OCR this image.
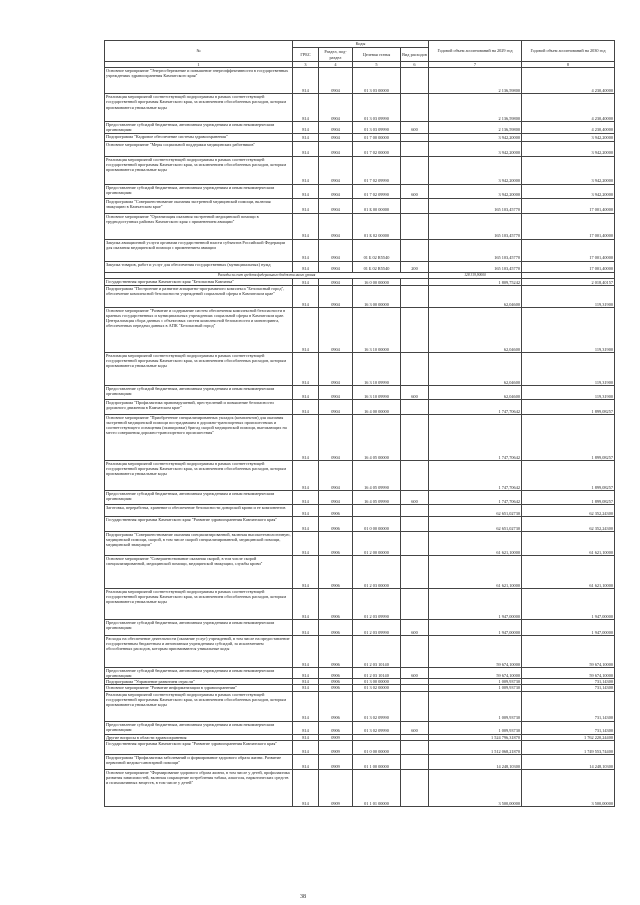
№	Коды				Годовой объем ассигнований на 2029 год	Годовой объем ассигнований на 2030 год
	ГРБС	Раздел, под-раздел	Целевая статья	Вид расходов		
1	3	4	5	6	7	8
Основное мероприятие "Энергосбережение и повышение энергоэффективности в государственных учреждениях здравоохранения Камчатского края"	814	0904	01 3 03 00000		2 136,59800	4 230,40000
Реализация мероприятий соответствующей подпрограммы в рамках соответствующей государственной программы Камчатского края, за исключением обособленных расходов, которым присваиваются уникальные коды	814	0904	01 3 03 09990		2 136,59800	4 230,40000
Предоставление субсидий бюджетным, автономным учреждениям и иным некоммерческим организациям	814	0904	01 3 03 09990	600	2 136,59800	4 230,40000
Подпрограмма "Кадровое обеспечение системы здравоохранения"	814	0904	01 7 00 00000		3 942,20000	3 942,20000
Основное мероприятие "Меры социальной поддержки медицинских работников"	814	0904	01 7 02 00000		3 942,20000	3 942,20000
Реализация мероприятий соответствующей подпрограммы в рамках соответствующей государственной программы Камчатского края, за исключением обособленных расходов, которым присваиваются уникальные коды	814	0904	01 7 02 09990		3 942,20000	3 942,20000
Предоставление субсидий бюджетным, автономным учреждениям и иным некоммерческим организациям	814	0904	01 7 02 09990	600	3 942,20000	3 942,20000
Подпрограмма "Совершенствование оказания экстренной медицинской помощи, включая эвакуацию в Камчатском крае"	814	0904	01 Б 00 00000		165 103,45770	17 001,40000
Основное мероприятие "Организация оказания экстренной медицинской помощи в труднодоступных районах Камчатского края с применением авиации"	814	0904	01 Б 02 00000		165 103,45770	17 001,40000
Закупка авиационной услуги органами государственной власти субъектов Российской Федерации для оказания медицинской помощи с применением авиации	814	0904	01 Б 02 R5540		165 103,45770	17 001,40000
Закупка товаров, работ и услуг для обеспечения государственных (муниципальных) нужд	814	0904	01 Б 02 R5540	200	165 103,45770	17 001,40000
Расходы за счет средств федерального бюджета иного уровня					128 319,90000	
Государственная программа Камчатского края "Безопасная Камчатка"	814	0904	16 0 00 00000		1 809,75242	2 018,40157
Подпрограмма "Построение и развитие аппаратно-программного комплекса "Безопасный город", обеспечение комплексной безопасности учреждений социальной сферы в Камчатском крае"	814	0904	16 3 00 00000		62,04600	119,31900
Основное мероприятие "Развитие и содержание систем обеспечения комплексной безопасности в краевых государственных и муниципальных учреждениях социальной сферы в Камчатском крае. Централизация сбора данных с объектовых систем комплексной безопасности и мониторинга, обеспеченных передачи данных в АПК "Безопасный город"	814	0904	16 3 10 00000		62,04600	119,31900
Реализация мероприятий соответствующей подпрограммы в рамках соответствующей государственной программы Камчатского края, за исключением обособленных расходов, которым присваиваются уникальные коды	814	0904	16 3 10 09990		62,04600	119,31900
Предоставление субсидий бюджетным, автономным учреждениям и иным некоммерческим организациям	814	0904	16 3 10 09990	600	62,04600	119,31900
Подпрограмма "Профилактика правонарушений, преступлений и повышение безопасности дорожного движения в Камчатском крае"	814	0904	16 4 00 00000		1 747,70642	1 899,08257
Основное мероприятие "Приобретение специализированных укладок (комплектов) для оказания экстренной медицинской помощи пострадавшим в дорожно-транспортных происшествиях и соответствующего оснащения (экипировки) бригад скорой медицинской помощи, выезжающих на место совершения дорожно-транспортного происшествия"	814	0904	16 4 05 00000		1 747,70642	1 899,08257
Реализация мероприятий соответствующей подпрограммы в рамках соответствующей государственной программы Камчатского края, за исключением обособленных расходов, которым присваиваются уникальные коды	814	0904	16 4 05 09990		1 747,70642	1 899,08257
Предоставление субсидий бюджетным, автономным учреждениям и иным некоммерческим организациям	814	0904	16 4 05 09990	600	1 747,70642	1 899,08257
Заготовка, переработка, хранение и обеспечение безопасности донорской крови и ее компонентов	814	0906			62 651,02730	62 352,24300
Государственная программа Камчатского края "Развитие здравоохранения Камчатского края"	814	0906	01 0 00 00000		62 651,02730	62 352,24300
Подпрограмма "Совершенствование оказания специализированной, включая высокотехнологичную, медицинской помощи, скорой, в том числе скорой специализированной, медицинской помощи, медицинской эвакуации"	814	0906	01 2 00 00000		61 621,10000	61 621,10000
Основное мероприятие "Совершенствование оказания скорой, в том числе скорой специализированной, медицинской помощи, медицинской эвакуации, службы крови"	814	0906	01 2 03 00000		61 621,10000	61 621,10000
Реализация мероприятий соответствующей подпрограммы в рамках соответствующей государственной программы Камчатского края, за исключением обособленных расходов, которым присваиваются уникальные коды	814	0906	01 2 03 09990		1 947,00000	1 947,00000
Предоставление субсидий бюджетным, автономным учреждениям и иным некоммерческим организациям	814	0906	01 2 03 09990	600	1 947,00000	1 947,00000
Расходы на обеспечение деятельности (оказание услуг) учреждений, в том числе на предоставление государственным бюджетным и автономным учреждениям субсидий, за исключением обособленных расходов, которым присваиваются уникальные коды	814	0906	01 2 03 10140		59 674,10000	59 674,10000
Предоставление субсидий бюджетным, автономным учреждениям и иным некоммерческим организациям	814	0906	01 2 03 10140	600	59 674,10000	59 674,10000
Подпрограмма "Управление развитием отрасли"	814	0906	01 3 00 00000		1 009,93730	731,14300
Основное мероприятие "Развитие информатизации в здравоохранении"	814	0906	01 3 02 00000		1 009,93730	731,14300
Реализация мероприятий соответствующей подпрограммы в рамках соответствующей государственной программы Камчатского края, за исключением обособленных расходов, которым присваиваются уникальные коды	814	0906	01 3 02 09990		1 009,93730	731,14300
Предоставление субсидий бюджетным, автономным учреждениям и иным некоммерческим организациям	814	0906	01 3 02 09990	600	1 009,93730	731,14300
Другие вопросы в области здравоохранения	814	0909			1 524 796,31870	1 762 220,24400
Государственная программа Камчатского края "Развитие здравоохранения Камчатского края"	814	0909	01 0 00 00000		1 512 068,21870	1 749 553,74400
Подпрограмма "Профилактика заболеваний и формирование здорового образа жизни. Развитие первичной медико-санитарной помощи"	814	0909	01 1 00 00000		14 248,10300	14 248,10300
Основное мероприятие "Формирование здорового образа жизни, в том числе у детей, профилактика развития зависимостей, включая сокращение потребления табака, алкоголя, наркотических средств и психоактивных веществ, в том числе у детей"	814	0909	01 1 01 00000		3 500,00000	3 500,00000
38
